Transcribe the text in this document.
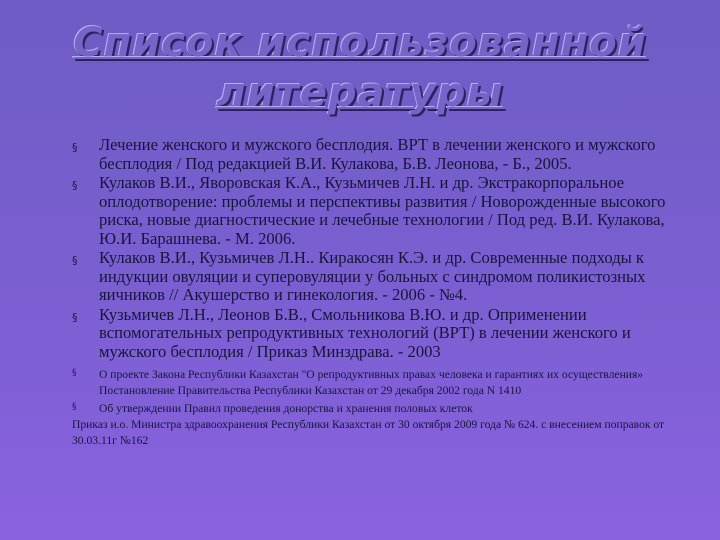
Список использованной литературы
§ Лечение женского и мужского бесплодия. ВРТ в лечении женского и мужского бесплодия / Под редакцией В.И. Кулакова, Б.В. Леонова, - Б., 2005.
§ Кулаков В.И., Яворовская К.А., Кузьмичев Л.Н. и др. Экстракорпоральное оплодотворение: проблемы и перспективы развития / Новорожденные высокого риска, новые диагностические и лечебные технологии / Под ред. В.И. Кулакова, Ю.И. Барашнева. - М. 2006.
§ Кулаков В.И., Кузьмичев Л.Н.. Киракосян К.Э. и др. Современные подходы к индукции овуляции и суперовуляции у больных с синдромом поликистозных яичников // Акушерство и гинекология. - 2006 - №4.
§ Кузьмичев Л.Н., Леонов Б.В., Смольникова В.Ю. и др. Оприменении вспомогательных репродуктивных технологий (ВРТ) в лечении женского и мужского бесплодия / Приказ Минздрава. - 2003
§ О проекте Закона Республики Казахстан "О репродуктивных правах человека и гарантиях их осуществления» Постановление Правительства Республики Казахстан от 29 декабря 2002 года N 1410
§ Об утверждении Правил проведения донорства и хранения половых клеток
Приказ и.о. Министра здравоохранения Республики Казахстан от 30 октября 2009 года № 624. с внесением поправок от 30.03.11г №162
